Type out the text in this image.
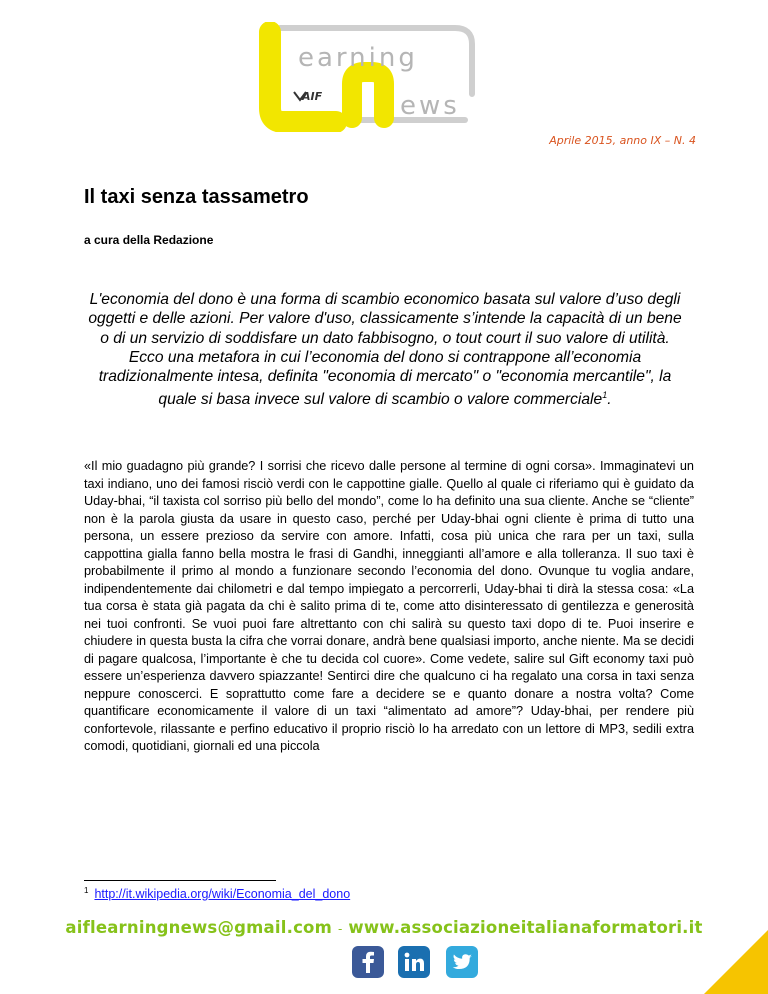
earning
ews
AIF
Aprile 2015, anno IX – N. 4
Il taxi senza tassametro
a cura della Redazione
L'economia del dono è una forma di scambio economico basata sul valore d’uso degli oggetti e delle azioni. Per valore d'uso, classicamente s’intende la capacità di un bene o di un servizio di soddisfare un dato fabbisogno, o tout court il suo valore di utilità. Ecco una metafora in cui l’economia del dono si contrappone all’economia tradizionalmente intesa, definita "economia di mercato" o "economia mercantile", la quale si basa invece sul valore di scambio o valore commerciale$^1$.

«Il mio guadagno più grande? I sorrisi che ricevo dalle persone al termine di ogni corsa». Immaginatevi un taxi indiano, uno dei famosi risciò verdi con le cappottine gialle. Quello al quale ci riferiamo qui è guidato da Uday-bhai, “il taxista col sorriso più bello del mondo”, come lo ha definito una sua cliente. Anche se “cliente” non è la parola giusta da usare in questo caso, perché per Uday-bhai ogni cliente è prima di tutto una persona, un essere prezioso da servire con amore. Infatti, cosa più unica che rara per un taxi, sulla cappottina gialla fanno bella mostra le frasi di Gandhi, inneggianti all’amore e alla tolleranza. Il suo taxi è probabilmente il primo al mondo a funzionare secondo l’economia del dono. Ovunque tu voglia andare, indipendentemente dai chilometri e dal tempo impiegato a percorrerli, Uday-bhai ti dirà la stessa cosa: «La tua corsa è stata già pagata da chi è salito prima di te, come atto disinteressato di gentilezza e generosità nei tuoi confronti. Se vuoi puoi fare altrettanto con chi salirà su questo taxi dopo di te. Puoi inserire e chiudere in questa busta la cifra che vorrai donare, andrà bene qualsiasi importo, anche niente. Ma se decidi di pagare qualcosa, l’importante è che tu decida col cuore». Come vedete, salire sul Gift economy taxi può essere un’esperienza davvero spiazzante! Sentirci dire che qualcuno ci ha regalato una corsa in taxi senza neppure conoscerci. E soprattutto come fare a decidere se e quanto donare a nostra volta? Come quantificare economicamente il valore di un taxi “alimentato ad amore”? Uday-bhai, per rendere più confortevole, rilassante e perfino educativo il proprio risciò lo ha arredato con un lettore di MP3, sedili extra comodi, quotidiani, giornali ed una piccola

$^1$ http://it.wikipedia.org/wiki/Economia_del_dono
aiflearningnews@gmail.com - www.associazioneitalianaformatori.it
